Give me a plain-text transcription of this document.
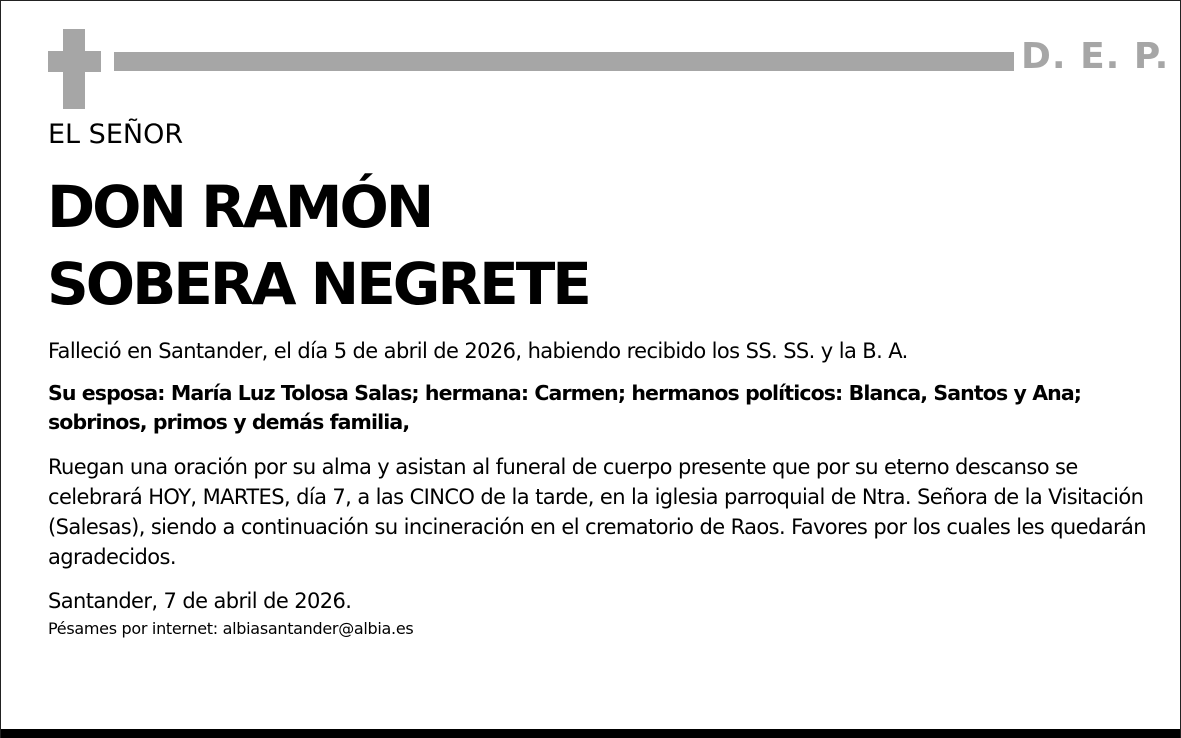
D. E. P.
EL SEÑOR
DON RAMÓN
SOBERA NEGRETE
Falleció en Santander, el día 5 de abril de 2026, habiendo recibido los SS. SS. y la B. A.
Su esposa: María Luz Tolosa Salas; hermana: Carmen; hermanos políticos: Blanca, Santos y Ana; sobrinos, primos y demás familia,
Ruegan una oración por su alma y asistan al funeral de cuerpo presente que por su eterno descanso se celebrará HOY, MARTES, día 7, a las CINCO de la tarde, en la iglesia parroquial de Ntra. Señora de la Visitación (Salesas), siendo a continuación su incineración en el crematorio de Raos. Favores por los cuales les quedarán agradecidos.
Santander, 7 de abril de 2026.
Pésames por internet: albiasantander@albia.es
